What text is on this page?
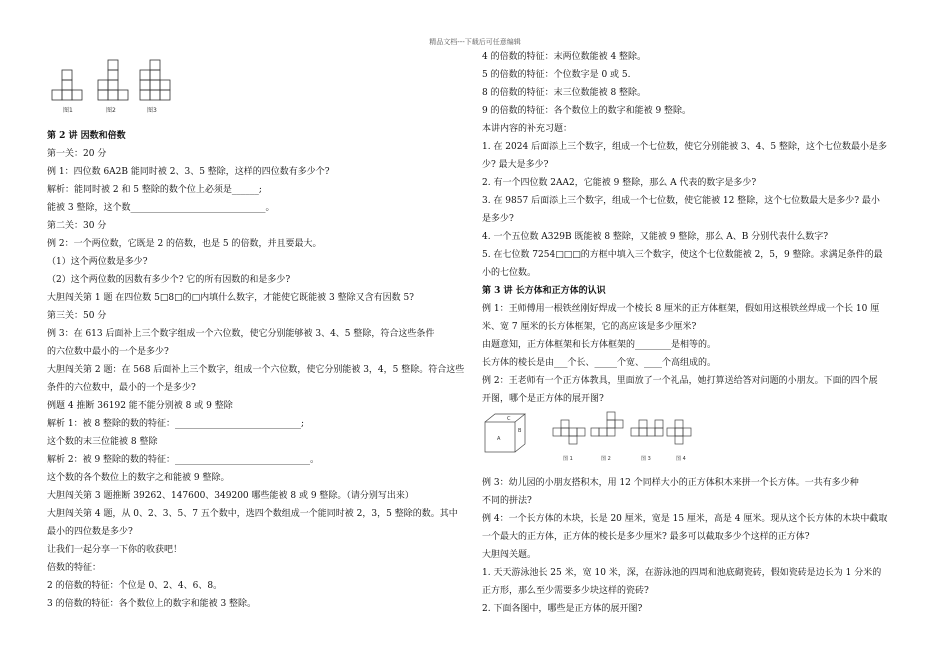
精品文档---下载后可任意编辑
图1	图2	图3
第 2 讲 因数和倍数
第一关：20 分
例 1：四位数 6A2B 能同时被 2、3、5 整除，这样的四位数有多少个?
解析：能同时被 2 和 5 整除的数个位上必须是______;
能被 3 整除，这个数______________________________。
第二关：30 分
例 2：一个两位数，它既是 2 的倍数，也是 5 的倍数，并且要最大。
（1）这个两位数是多少?
（2）这个两位数的因数有多少个? 它的所有因数的和是多少?
大胆闯关第 1 题 在四位数 5□8□的□内填什么数字，才能使它既能被 3 整除又含有因数 5?
第三关：50 分
例 3：在 613 后面补上三个数字组成一个六位数，使它分别能够被 3、4、5 整除，符合这些条件
的六位数中最小的一个是多少?
大胆闯关第 2 题：在 568 后面补上三个数字，组成一个六位数，使它分别能被 3，4，5 整除。符合这些
条件的六位数中，最小的一个是多少?
例题 4 推断 36192 能不能分别被 8 或 9 整除
解析 1：被 8 整除的数的特征：____________________________;
这个数的末三位能被 8 整除
解析 2：被 9 整除的数的特征：______________________________。
这个数的各个数位上的数字之和能被 9 整除。
大胆闯关第 3 题推断 39262、147600、349200 哪些能被 8 或 9 整除。（请分别写出来）
大胆闯关第 4 题，从 0、2、3、5、7 五个数中，选四个数组成一个能同时被 2，3，5 整除的数。其中
最小的四位数是多少?
让我们一起分享一下你的收获吧！
倍数的特征：
2 的倍数的特征：个位是 0、2、4、6、8。
3 的倍数的特征：各个数位上的数字和能被 3 整除。
4 的倍数的特征：末两位数能被 4 整除。
5 的倍数的特征：个位数字是 0 或 5.
8 的倍数的特征：末三位数能被 8 整除。
9 的倍数的特征：各个数位上的数字和能被 9 整除。
本讲内容的补充习题：
1. 在 2024 后面添上三个数字，组成一个七位数，使它分别能被 3、4、5 整除，这个七位数最小是多
少? 最大是多少?
2. 有一个四位数 2AA2，它能被 9 整除，那么 A 代表的数字是多少?
3. 在 9857 后面添上三个数字，组成一个七位数，使它能被 12 整除，这个七位数最大是多少? 最小
是多少?
4. 一个五位数 A329B 既能被 8 整除，又能被 9 整除，那么 A、B 分别代表什么数字?
5. 在七位数 7254□□□的方框中填入三个数字，使这个七位数能被 2，5，9 整除。求满足条件的最
小的七位数。
第 3 讲 长方体和正方体的认识
例 1：王师傅用一根铁丝刚好焊成一个棱长 8 厘米的正方体框架，假如用这根铁丝焊成一个长 10 厘
米、宽 7 厘米的长方体框架，它的高应该是多少厘米?
由题意知，正方体框架和长方体框架的________是相等的。
长方体的棱长是由___个长、_____个宽、____个高组成的。
例 2：王老师有一个正方体教具，里面放了一个礼品，她打算送给答对问题的小朋友。下面的四个展
开图，哪个是正方体的展开图?
例 3：幼儿园的小朋友搭积木，用 12 个同样大小的正方体积木来拼一个长方体。一共有多少种
不同的拼法?
例 4：一个长方体的木块，长是 20 厘米，宽是 15 厘米，高是 4 厘米。现从这个长方体的木块中截取
一个最大的正方体，正方体的棱长是多少厘米? 最多可以截取多少个这样的正方体?
大胆闯关题。
1. 天天游泳池长 25 米，宽 10 米，深，在游泳池的四周和池底砌瓷砖，假如瓷砖是边长为 1 分米的
正方形，那么至少需要多少块这样的瓷砖?
2. 下面各图中，哪些是正方体的展开图?
C
B
A
图 1	图 2	图 3	图 4
